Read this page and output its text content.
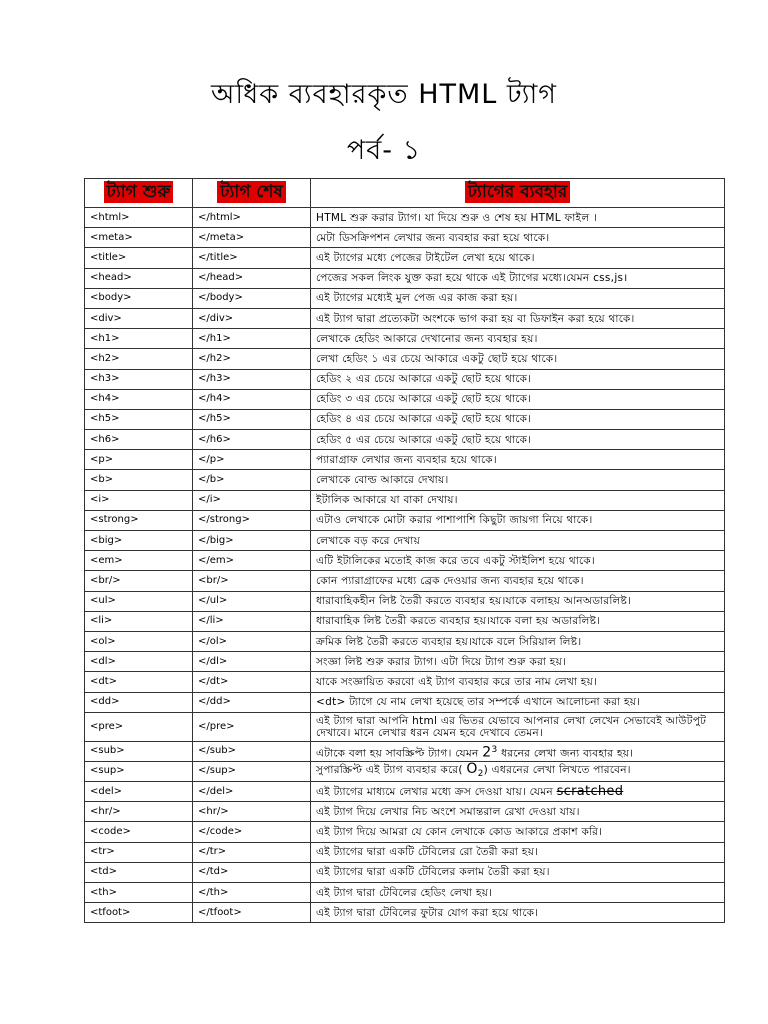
অধিক ব্যবহারকৃত HTML ট্যাগ
পর্ব- ১
ট্যাগ শুরু	ট্যাগ শেষ	ট্যাগের ব্যবহার
<html>	</html>	HTML শুরু করার ট্যাগ। যা দিয়ে শুরু ও শেষ হয় HTML ফাইল ।
<meta>	</meta>	মেটা ডিসক্রিপশন লেখার জন্য ব্যবহার করা হয়ে থাকে।
<title>	</title>	এই ট্যাগের মধ্যে পেজের টাইটেল লেখা হয়ে থাকে।
<head>	</head>	পেজের সকল লিংক যুক্ত করা হয়ে থাকে এই ট্যাগের মধ্যে।যেমন css,js।
<body>	</body>	এই ট্যাগের মধ্যেই মুল পেজ এর কাজ করা হয়।
<div>	</div>	এই ট্যাগ দ্বারা প্রত্যেকটা অংশকে ভাগ করা হয় বা ডিফাইন করা হয়ে থাকে।
<h1>	</h1>	লেখাকে হেডিং আকারে দেখানোর জন্য ব্যবহার হয়।
<h2>	</h2>	লেখা হেডিং ১ এর চেয়ে আকারে একটু ছোট হয়ে থাকে।
<h3>	</h3>	হেডিং ২ এর চেয়ে আকারে একটু ছোট হয়ে থাকে।
<h4>	</h4>	হেডিং ৩ এর চেয়ে আকারে একটু ছোট হয়ে থাকে।
<h5>	</h5>	হেডিং ৪ এর চেয়ে আকারে একটু ছোট হয়ে থাকে।
<h6>	</h6>	হেডিং ৫ এর চেয়ে আকারে একটু ছোট হয়ে থাকে।
<p>	</p>	প্যারাগ্রাফ লেখার জন্য ব্যবহার হয়ে থাকে।
<b>	</b>	লেখাকে বোল্ড আকারে দেখায়।
<i>	</i>	ইটালিক আকারে যা বাকা দেখায়।
<strong>	</strong>	এটাও লেখাকে মোটা করার পাশাপাশি কিছুটা জায়গা নিয়ে থাকে।
<big>	</big>	লেখাকে বড় করে দেখায়
<em>	</em>	এটি ইটালিকের মতোই কাজ করে তবে একটু স্টাইলিশ হয়ে থাকে।
<br/>	<br/>	কোন প্যারাগ্রাফের মধ্যে ব্রেক দেওয়ার জন্য ব্যবহার হয়ে থাকে।
<ul>	</ul>	ধারাবাহিকহীন লিষ্ট তৈরী করতে ব্যবহার হয়।যাকে বলাহয় আনঅডারলিষ্ট।
<li>	</li>	ধারাবাহিক লিষ্ট তৈরী করতে ব্যবহার হয়।যাকে বলা হয় অডারলিষ্ট।
<ol>	</ol>	ক্রমিক লিষ্ট তৈরী করতে ব্যবহার হয়।যাকে বলে সিরিয়াল লিষ্ট।
<dl>	</dl>	সংজ্ঞা লিষ্ট শুরু করার ট্যাগ। এটা দিয়ে ট্যাগ শুরু করা হয়।
<dt>	</dt>	যাকে সংজ্ঞায়িত করবো এই ট্যাগ ব্যবহার করে তার নাম লেখা হয়।
<dd>	</dd>	<dt> ট্যাগে যে নাম লেখা হয়েছে তার সম্পর্কে এখানে আলোচনা করা হয়।
<pre>	</pre>	এই ট্যাগ দ্বারা আপনি html এর ভিতর যেভাবে আপনার লেখা লেখেন সেভাবেই আউটপুট দেখাবে। মানে লেখার ধরন যেমন হবে দেখাবে তেমন।
<sub>	</sub>	এটাকে বলা হয় সাবস্ক্রিপ্ট ট্যাগ। যেমন $2^3$ ধরনের লেখা জন্য ব্যবহার হয়।
<sup>	</sup>	সুপারস্ক্রিপ্ট এই ট্যাগ ব্যবহার করে( $O_2$) এধরনের লেখা লিখতে পারবেন।
<del>	</del>	এই ট্যাগের মাধ্যমে লেখার মধ্যে ক্রস দেওয়া যায়। যেমন scratched
<hr/>	<hr/>	এই ট্যাগ দিয়ে লেখার নিচ অংশে সমান্তরাল রেখা দেওয়া যায়।
<code>	</code>	এই ট্যাগ দিয়ে আমরা যে কোন লেখাকে কোড আকারে প্রকাশ করি।
<tr>	</tr>	এই ট্যাগের দ্বারা একটি টেবিলের রো তৈরী করা হয়।
<td>	</td>	এই ট্যাগের দ্বারা একটি টেবিলের কলাম তৈরী করা হয়।
<th>	</th>	এই ট্যাগ দ্বারা টেবিলের হেডিং লেখা হয়।
<tfoot>	</tfoot>	এই ট্যাগ দ্বারা টেবিলের ফুটার যোগ করা হয়ে থাকে।
